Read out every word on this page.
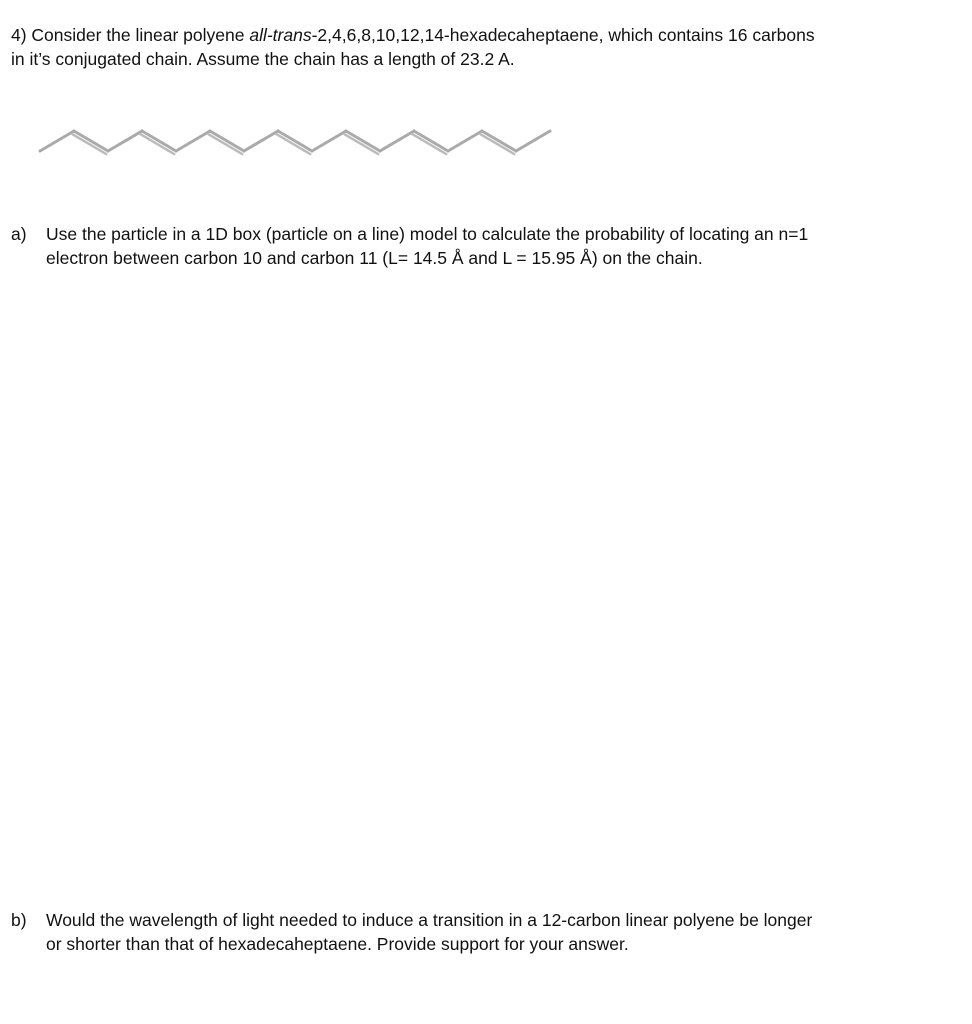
4) Consider the linear polyene all-trans-2,4,6,8,10,12,14-hexadecaheptaene, which contains 16 carbons
in it’s conjugated chain. Assume the chain has a length of 23.2 A.
a) Use the particle in a 1D box (particle on a line) model to calculate the probability of locating an n=1
electron between carbon 10 and carbon 11 (L= 14.5 Å and L = 15.95 Å) on the chain.
b) Would the wavelength of light needed to induce a transition in a 12-carbon linear polyene be longer
or shorter than that of hexadecaheptaene. Provide support for your answer.
